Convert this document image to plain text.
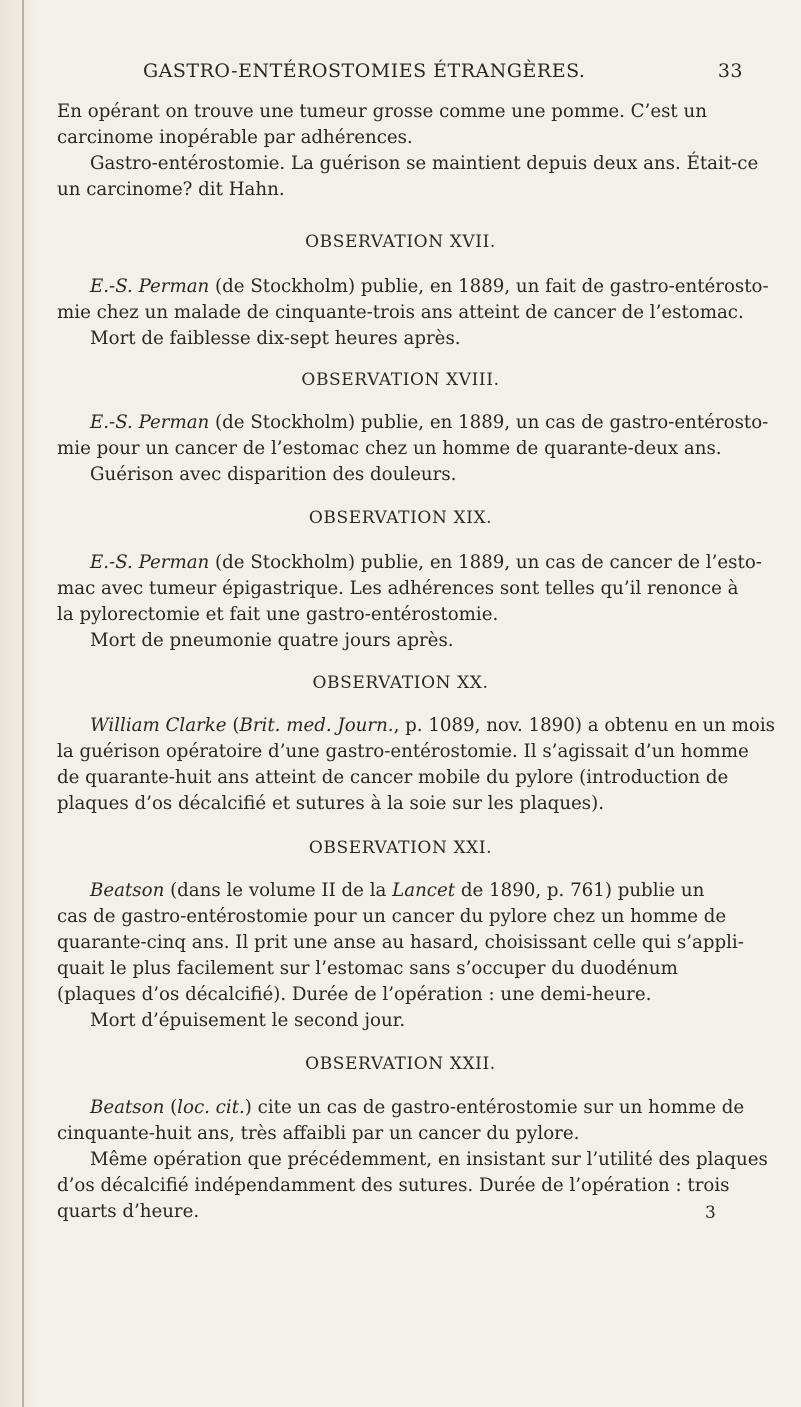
GASTRO-ENTÉROSTOMIES ÉTRANGÈRES.	33

En opérant on trouve une tumeur grosse comme une pomme. C’est un
carcinome inopérable par adhérences.

Gastro-entérostomie. La guérison se maintient depuis deux ans. Était-ce
un carcinome? dit Hahn.

OBSERVATION XVII.

E.-S. Perman (de Stockholm) publie, en 1889, un fait de gastro-entérosto-
mie chez un malade de cinquante-trois ans atteint de cancer de l’estomac.
Mort de faiblesse dix-sept heures après.

OBSERVATION XVIII.

E.-S. Perman (de Stockholm) publie, en 1889, un cas de gastro-entérosto-
mie pour un cancer de l’estomac chez un homme de quarante-deux ans.
Guérison avec disparition des douleurs.

OBSERVATION XIX.

E.-S. Perman (de Stockholm) publie, en 1889, un cas de cancer de l’esto-
mac avec tumeur épigastrique. Les adhérences sont telles qu’il renonce à
la pylorectomie et fait une gastro-entérostomie.
Mort de pneumonie quatre jours après.

OBSERVATION XX.

William Clarke (Brit. med. Journ., p. 1089, nov. 1890) a obtenu en un mois
la guérison opératoire d’une gastro-entérostomie. Il s’agissait d’un homme
de quarante-huit ans atteint de cancer mobile du pylore (introduction de
plaques d’os décalcifié et sutures à la soie sur les plaques).

OBSERVATION XXI.

Beatson (dans le volume II de la Lancet de 1890, p. 761) publie un
cas de gastro-entérostomie pour un cancer du pylore chez un homme de
quarante-cinq ans. Il prit une anse au hasard, choisissant celle qui s’appli-
quait le plus facilement sur l’estomac sans s’occuper du duodénum
(plaques d’os décalcifié). Durée de l’opération : une demi-heure.
Mort d’épuisement le second jour.

OBSERVATION XXII.

Beatson (loc. cit.) cite un cas de gastro-entérostomie sur un homme de
cinquante-huit ans, très affaibli par un cancer du pylore.

Même opération que précédemment, en insistant sur l’utilité des plaques
d’os décalcifié indépendamment des sutures. Durée de l’opération : trois
quarts d’heure.	3
